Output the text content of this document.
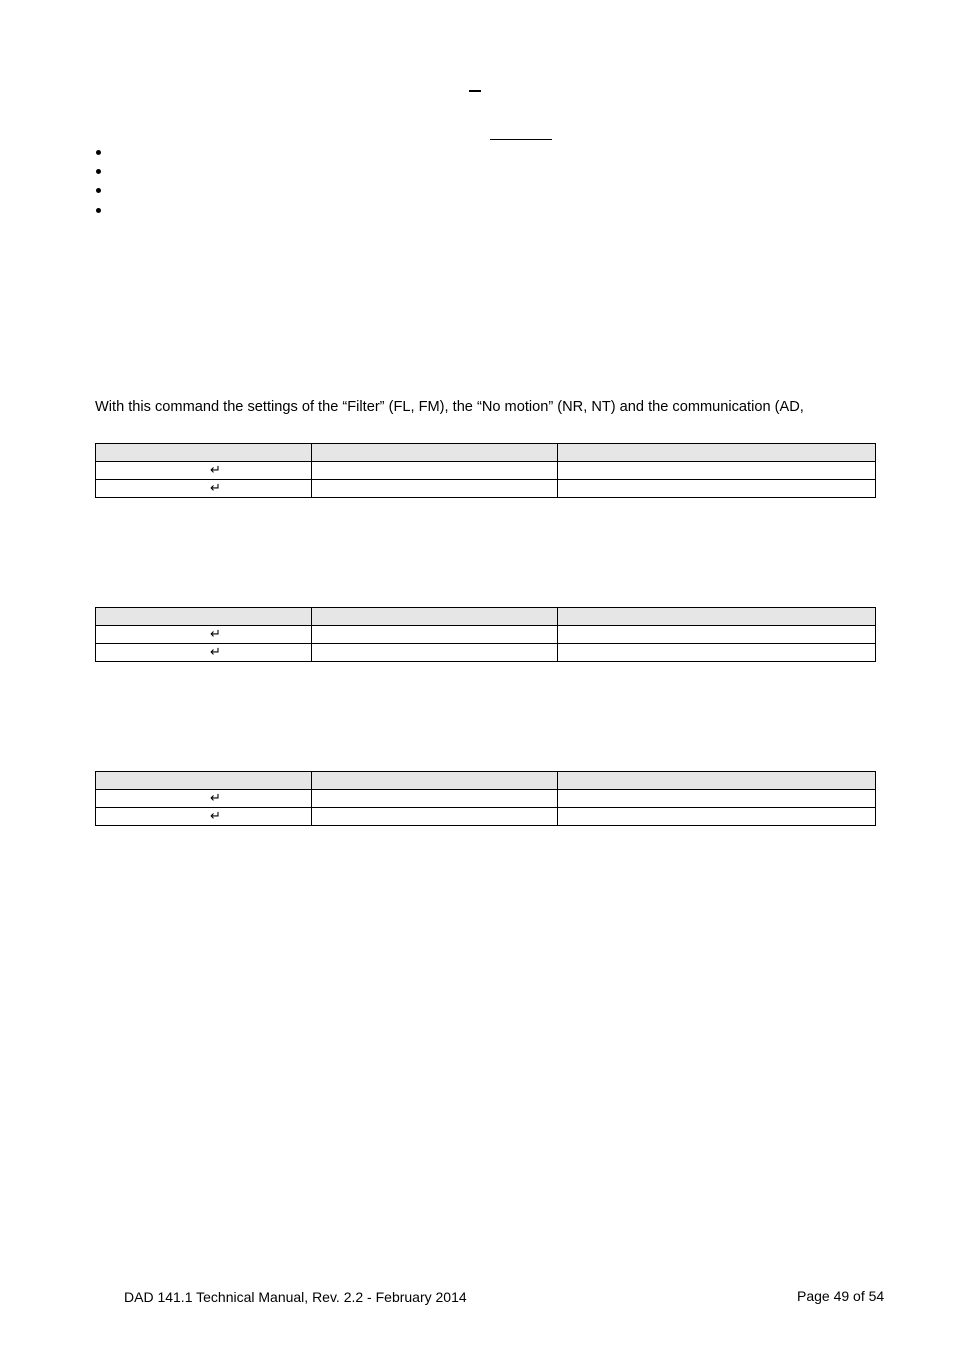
With this command the settings of the “Filter” (FL, FM), the “No motion” (NR, NT) and the communication (AD,

↵		
↵		

↵		
↵		

↵		
↵		
DAD 141.1 Technical Manual, Rev. 2.2 - February 2014	Page 49 of 54
